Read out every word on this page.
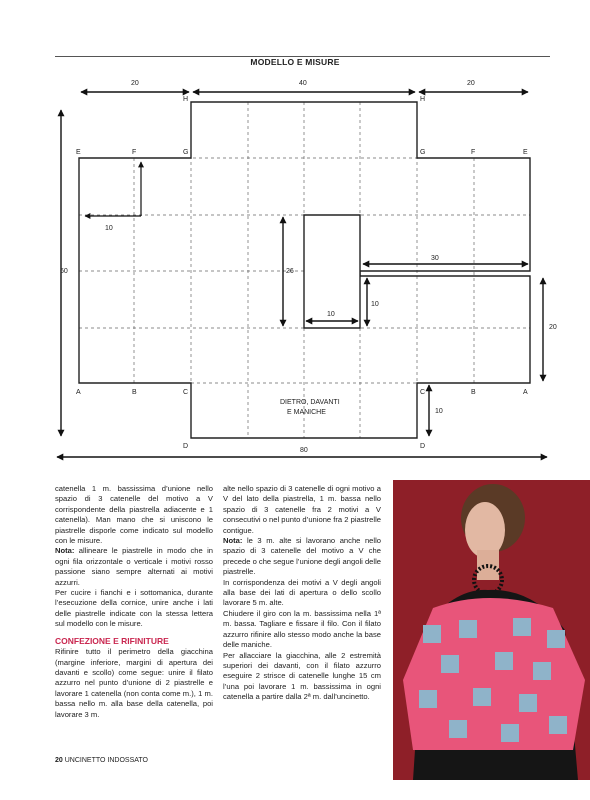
MODELLO E MISURE
20	40	20
60
80
20
10
26
30
10
10
10
H	H
E	F	G	G	F	E
A	B	C	C	B	A
D	D
DIETRO, DAVANTI
E MANICHE

catenella 1 m. bassissima d’unione nello spazio di 3 catenelle del motivo a V corrispondente della piastrella adiacente e 1 catenella). Man mano che si uniscono le piastrelle disporle come indicato sul modello con le misure.

Nota: allineare le piastrelle in modo che in ogni fila orizzontale o verticale i motivi rosso passione siano sempre alternati ai motivi azzurri.

Per cucire i fianchi e i sottomanica, durante l’esecuzione della cornice, unire anche i lati delle piastrelle indicate con la stessa lettera sul modello con le misure.

CONFEZIONE E RIFINITURE

Rifinire tutto il perimetro della giacchina (margine inferiore, margini di apertura dei davanti e scollo) come segue: unire il filato azzurro nel punto d’unione di 2 piastrelle e lavorare 1 catenella (non conta come m.), 1 m. bassa nello m. alla base della catenella, poi lavorare 3 m.

alte nello spazio di 3 catenelle di ogni motivo a V del lato della piastrella, 1 m. bassa nello spazio di 3 catenelle fra 2 motivi a V consecutivi o nel punto d’unione fra 2 piastrelle contigue.

Nota: le 3 m. alte si lavorano anche nello spazio di 3 catenelle del motivo a V che precede o che segue l’unione degli angoli delle piastrelle.

In corrispondenza dei motivi a V degli angoli alla base dei lati di apertura o dello scollo lavorare 5 m. alte.

Chiudere il giro con la m. bassissima nella 1ª m. bassa. Tagliare e fissare il filo. Con il filato azzurro rifinire allo stesso modo anche la base delle maniche.

Per allacciare la giacchina, alle 2 estremità superiori dei davanti, con il filato azzurro eseguire 2 strisce di catenelle lunghe 15 cm l’una poi lavorare 1 m. bassissima in ogni catenella a partire dalla 2ª m. dall’uncinetto.

20 UNCINETTO INDOSSATO
PassionForum.ru
